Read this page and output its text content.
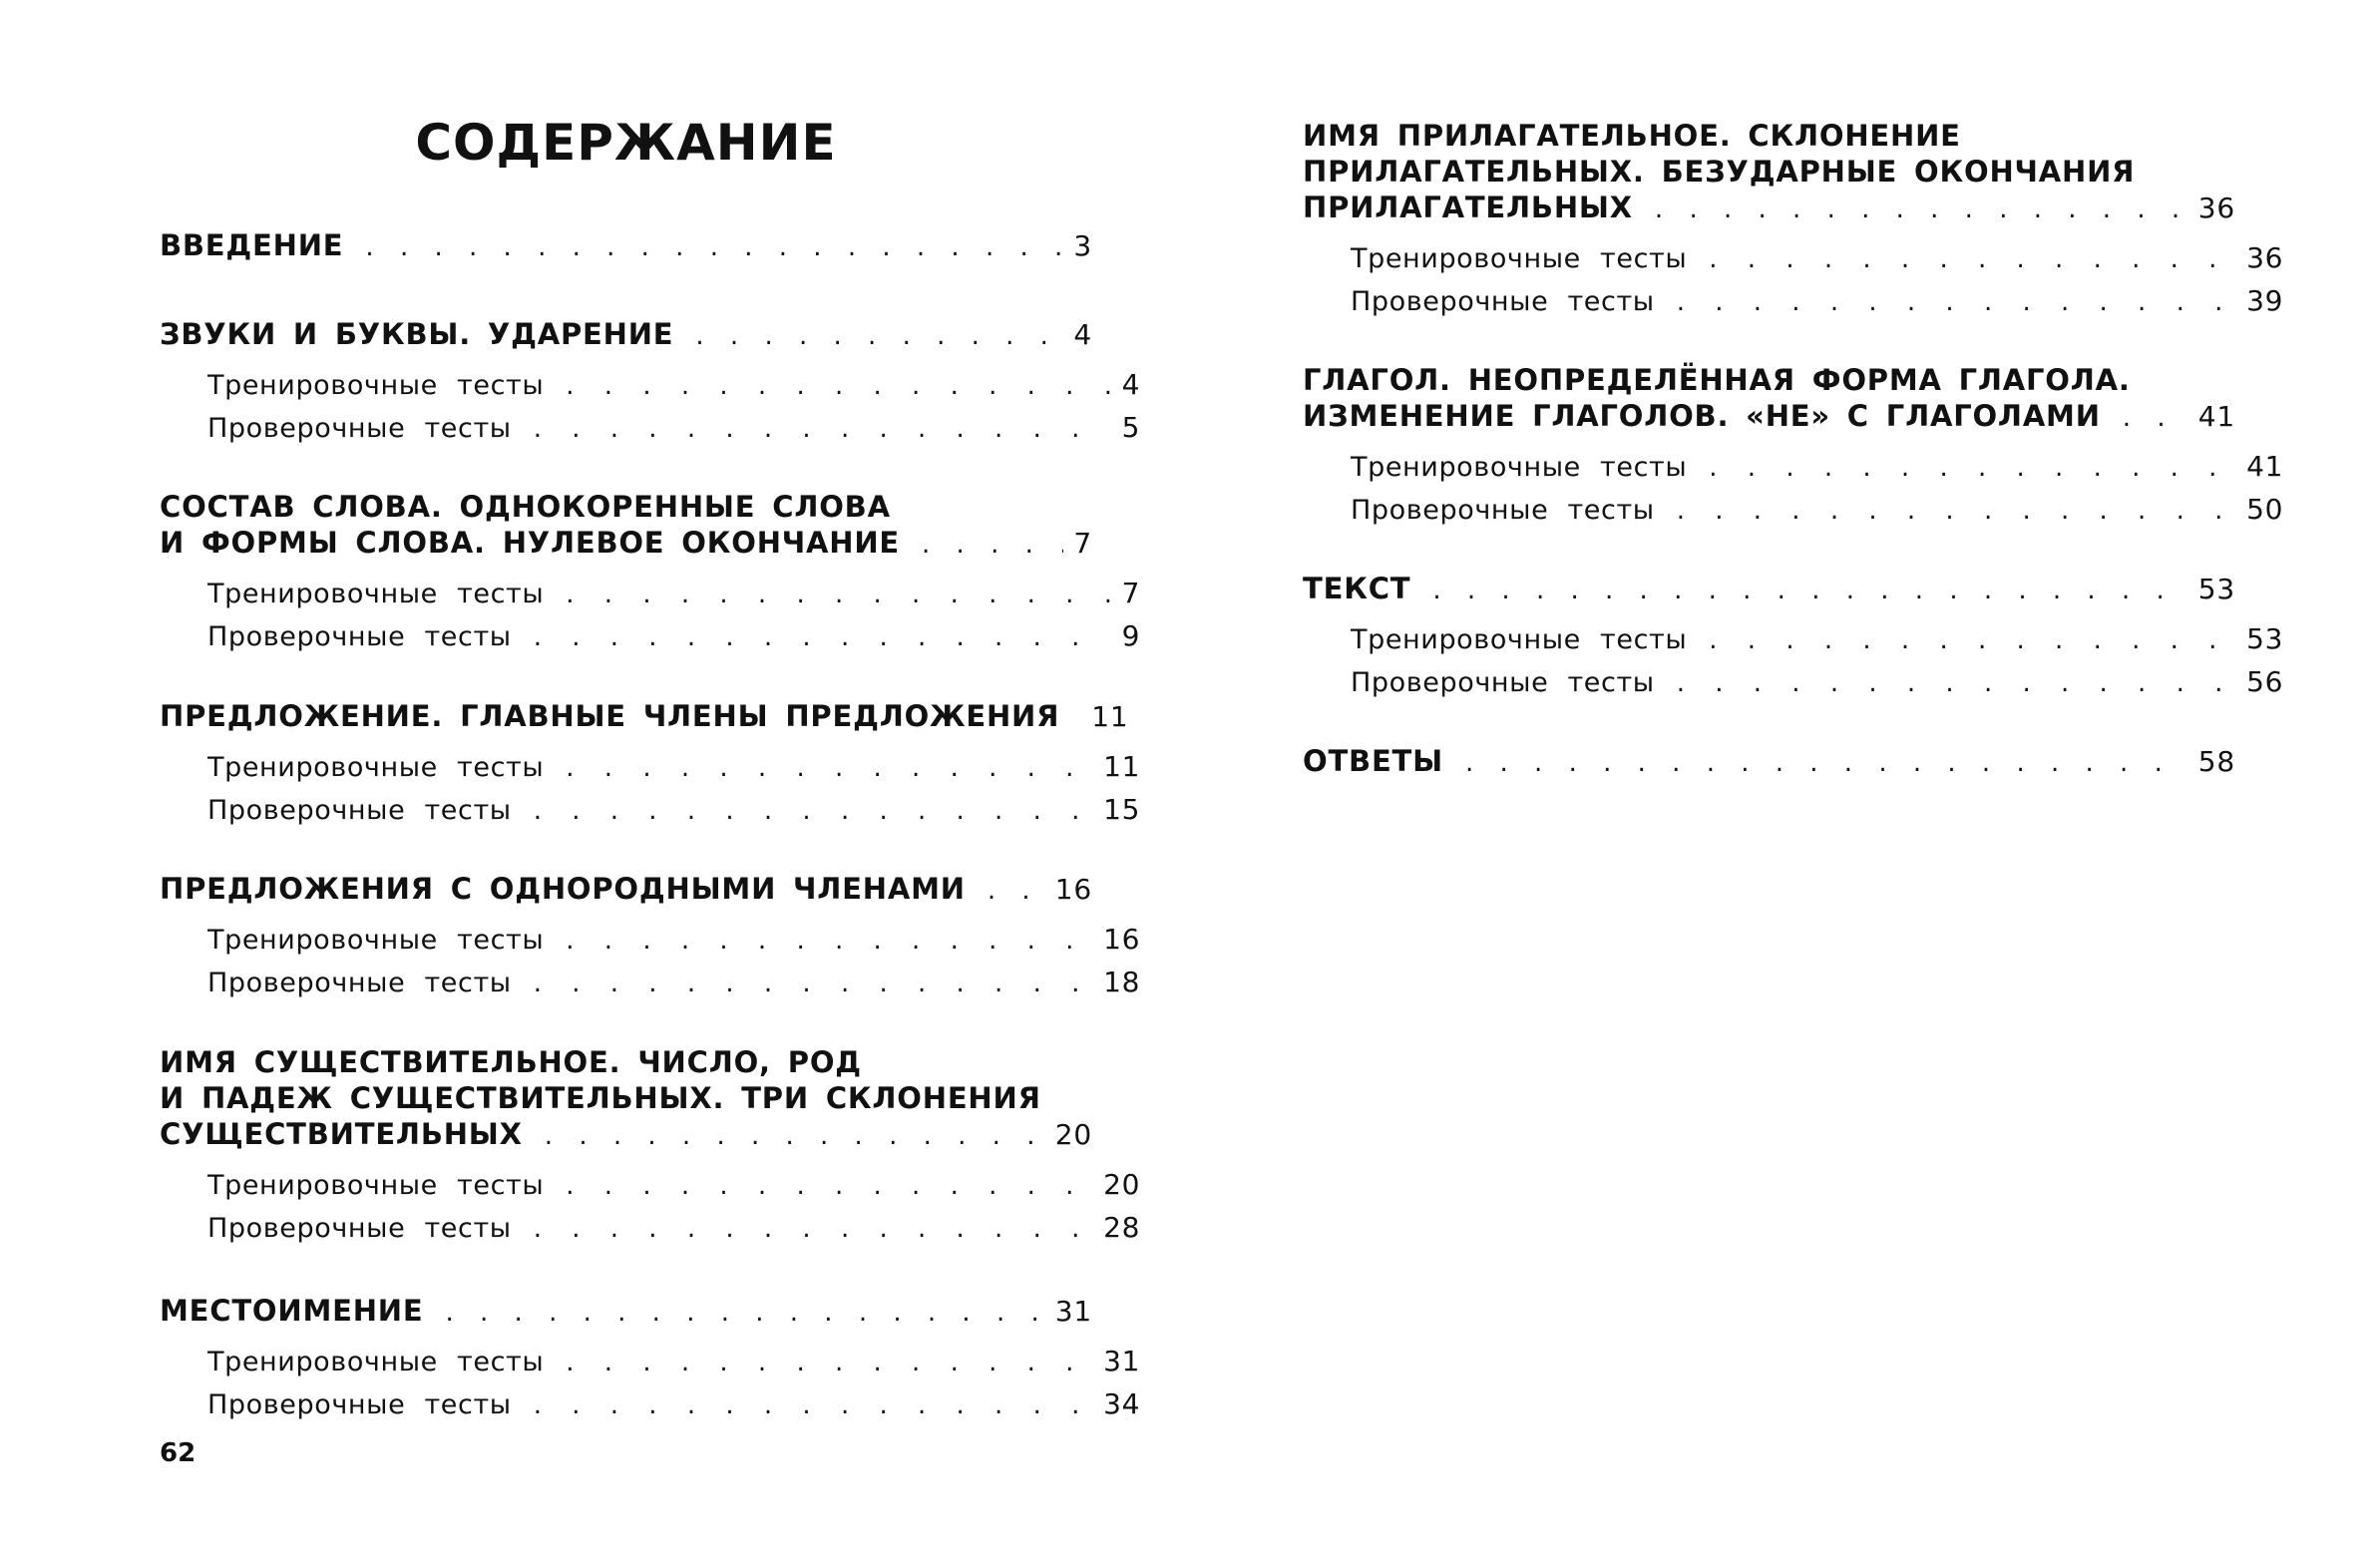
СОДЕРЖАНИЕ
ВВЕДЕНИЕ . . .	3
ЗВУКИ И БУКВЫ. УДАРЕНИЕ . . .	4
Тренировочные тесты . . .	4
Проверочные тесты . . .	5
СОСТАВ СЛОВА. ОДНОКОРЕННЫЕ СЛОВА
И ФОРМЫ СЛОВА. НУЛЕВОЕ ОКОНЧАНИЕ . . .	7
Тренировочные тесты . . .	7
Проверочные тесты . . .	9
ПРЕДЛОЖЕНИЕ. ГЛАВНЫЕ ЧЛЕНЫ ПРЕДЛОЖЕНИЯ 11
Тренировочные тесты . . .	11
Проверочные тесты . . .	15
ПРЕДЛОЖЕНИЯ С ОДНОРОДНЫМИ ЧЛЕНАМИ . . .	16
Тренировочные тесты . . .	16
Проверочные тесты . . .	18
ИМЯ СУЩЕСТВИТЕЛЬНОЕ. ЧИСЛО, РОД
И ПАДЕЖ СУЩЕСТВИТЕЛЬНЫХ. ТРИ СКЛОНЕНИЯ
СУЩЕСТВИТЕЛЬНЫХ . . .	20
Тренировочные тесты . . .	20
Проверочные тесты . . .	28
МЕСТОИМЕНИЕ . . .	31
Тренировочные тесты . . .	31
Проверочные тесты . . .	34
ИМЯ ПРИЛАГАТЕЛЬНОЕ. СКЛОНЕНИЕ
ПРИЛАГАТЕЛЬНЫХ. БЕЗУДАРНЫЕ ОКОНЧАНИЯ
ПРИЛАГАТЕЛЬНЫХ . . .	36
Тренировочные тесты . . .	36
Проверочные тесты . . .	39
ГЛАГОЛ. НЕОПРЕДЕЛЁННАЯ ФОРМА ГЛАГОЛА.
ИЗМЕНЕНИЕ ГЛАГОЛОВ. «НЕ» С ГЛАГОЛАМИ . . .	41
Тренировочные тесты . . .	41
Проверочные тесты . . .	50
ТЕКСТ . . .	53
Тренировочные тесты . . .	53
Проверочные тесты . . .	56
ОТВЕТЫ . . .	58
62
